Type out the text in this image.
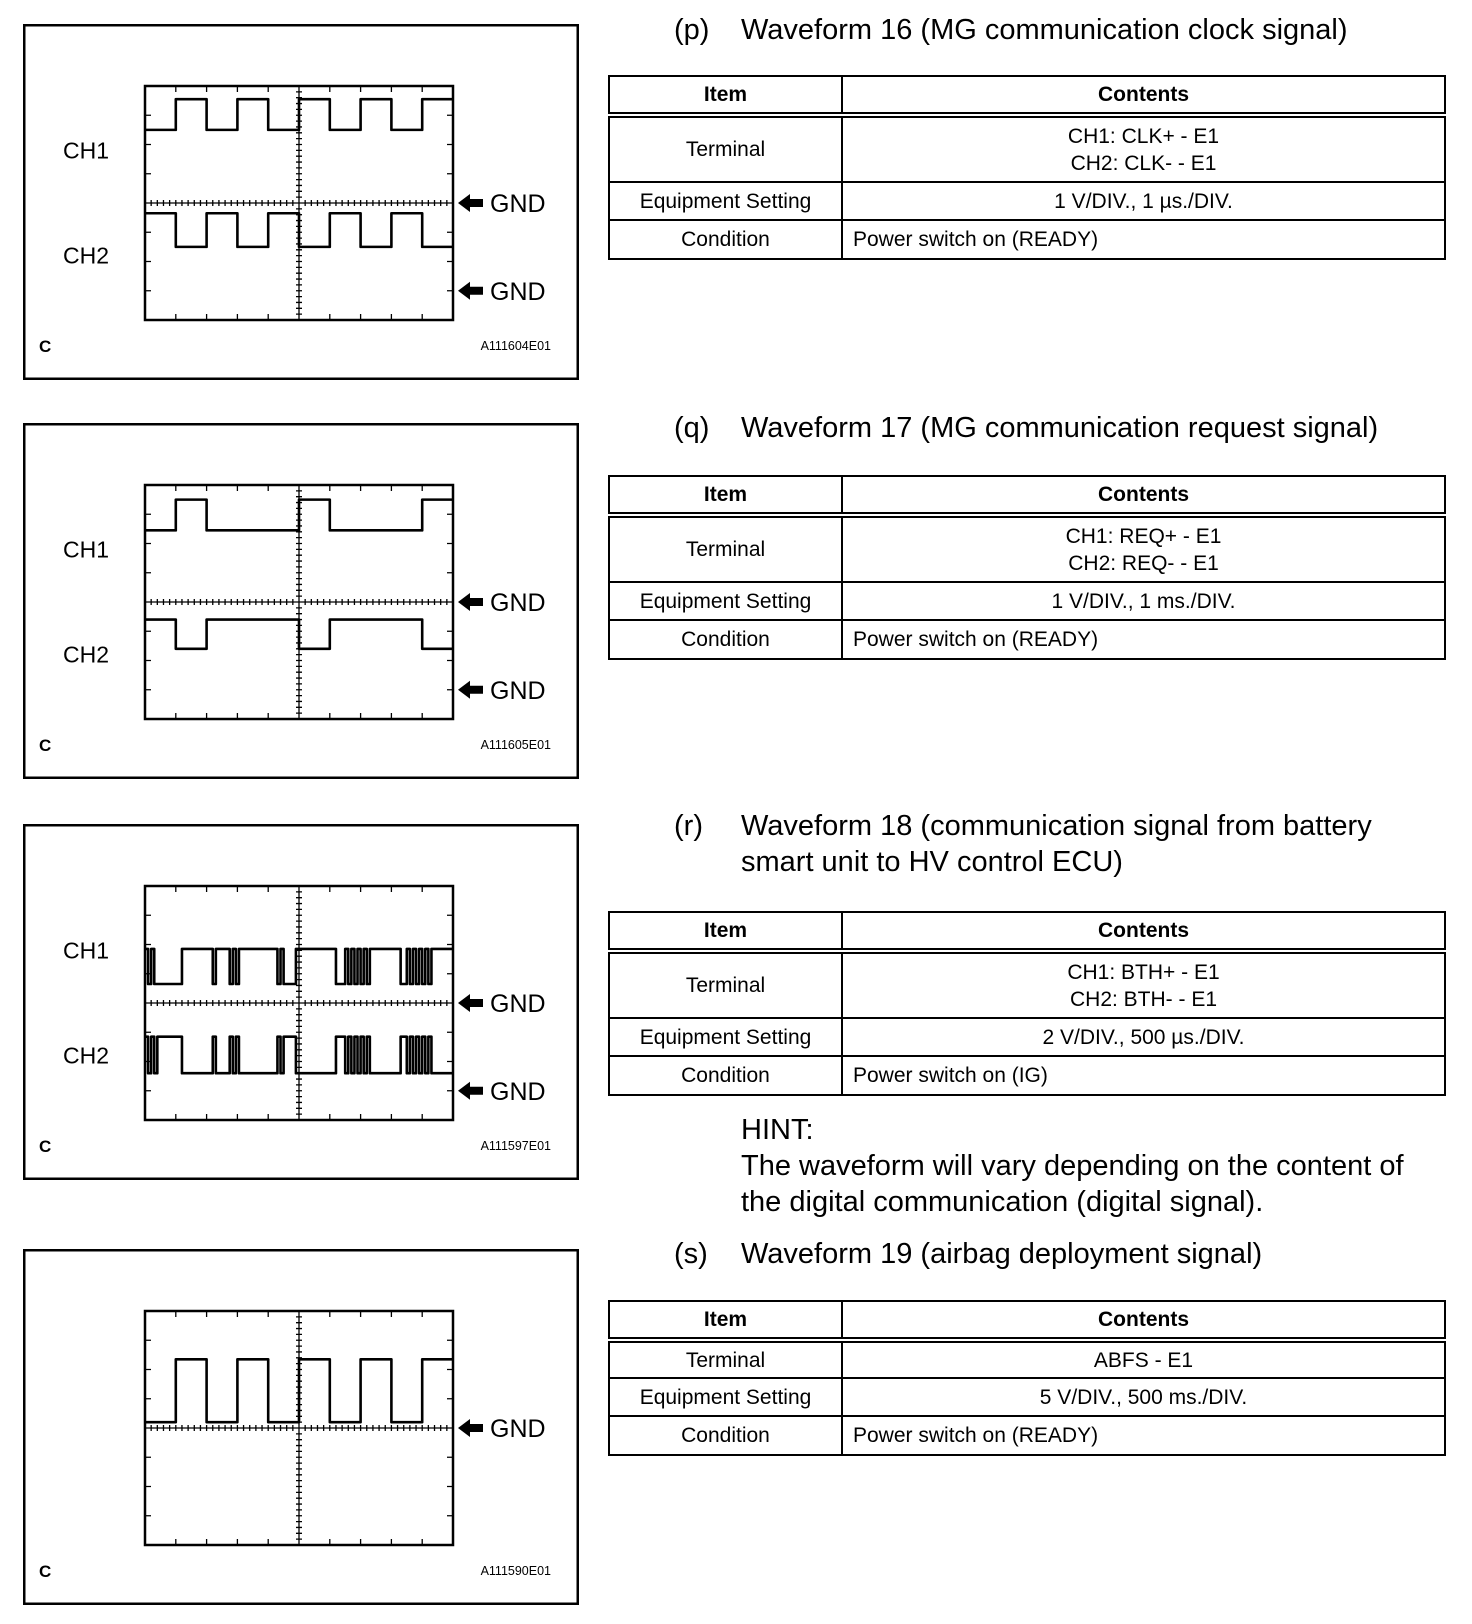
(p) Waveform 16 (MG communication clock signal)
Item	Contents
Terminal	CH1: CLK+ - E1
CH2: CLK- - E1

Equipment Setting	1 V/DIV., 1 µs./DIV.

Condition	Power switch on (READY)
CH1
GND
CH2
GND
C	A111604E01
(q) Waveform 17 (MG communication request signal)
Item	Contents
Terminal	CH1: REQ+ - E1
CH2: REQ- - E1

Equipment Setting	1 V/DIV., 1 ms./DIV.

Condition	Power switch on (READY)
CH1
GND
CH2
GND
C	A111605E01
(r) Waveform 18 (communication signal from battery
smart unit to HV control ECU)
Item	Contents
Terminal	CH1: BTH+ - E1
CH2: BTH- - E1

Equipment Setting	2 V/DIV., 500 µs./DIV.

Condition	Power switch on (IG)
HINT:
The waveform will vary depending on the content of
the digital communication (digital signal).
CH1
GND
CH2
GND
C	A111597E01
(s) Waveform 19 (airbag deployment signal)
Item	Contents
Terminal	ABFS - E1

Equipment Setting	5 V/DIV., 500 ms./DIV.

Condition	Power switch on (READY)
GND
C	A111590E01
